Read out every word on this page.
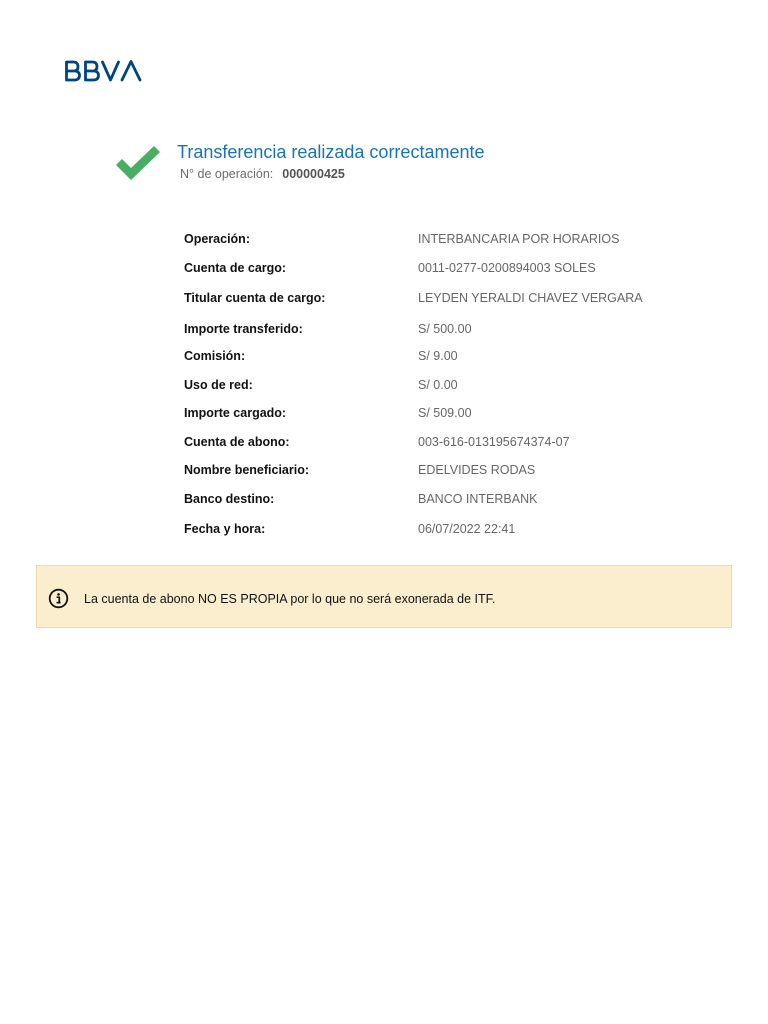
Transferencia realizada correctamente
N° de operación: 000000425
Operación:	INTERBANCARIA POR HORARIOS
Cuenta de cargo:	0011-0277-0200894003 SOLES
Titular cuenta de cargo:	LEYDEN YERALDI CHAVEZ VERGARA
Importe transferido:	S/ 500.00
Comisión:	S/ 9.00
Uso de red:	S/ 0.00
Importe cargado:	S/ 509.00
Cuenta de abono:	003-616-013195674374-07
Nombre beneficiario:	EDELVIDES RODAS
Banco destino:	BANCO INTERBANK
Fecha y hora:	06/07/2022 22:41
La cuenta de abono NO ES PROPIA por lo que no será exonerada de ITF.
